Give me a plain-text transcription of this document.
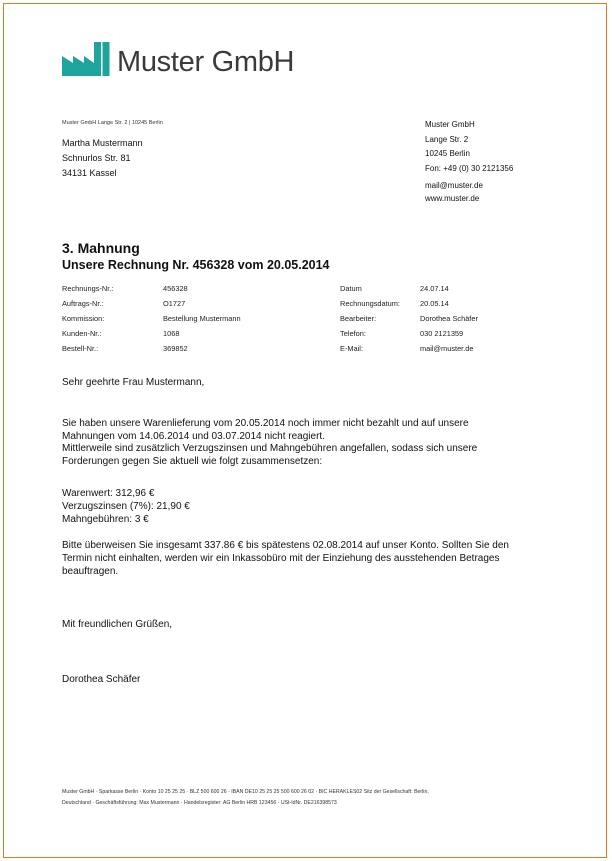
Muster GmbH
Muster GmbH Lange Str. 2 | 10245 Berlin
Martha Mustermann
Schnurlos Str. 81
34131 Kassel
Muster GmbH
Lange Str. 2
10245 Berlin
Fon: +49 (0) 30 2121356
mail@muster.de
www.muster.de
3. Mahnung
Unsere Rechnung Nr. 456328 vom 20.05.2014
Rechnungs-Nr.:	456328	Datum	24.07.14
Auftrags-Nr.:	O1727	Rechnungsdatum:	20.05.14
Kommission:	Bestellung Mustermann	Bearbeiter:	Dorothea Schäfer
Kunden-Nr.:	1068	Telefon:	030 2121359
Bestell-Nr.:	369852	E-Mail:	mail@muster.de
Sehr geehrte Frau Mustermann,
Sie haben unsere Warenlieferung vom 20.05.2014 noch immer nicht bezahlt und auf unsere
Mahnungen vom 14.06.2014 und 03.07.2014 nicht reagiert.
Mittlerweile sind zusätzlich Verzugszinsen und Mahngebühren angefallen, sodass sich unsere
Forderungen gegen Sie aktuell wie folgt zusammensetzen:
Warenwert: 312,96 €
Verzugszinsen (7%): 21,90 €
Mahngebühren: 3 €
Bitte überweisen Sie insgesamt 337.86 € bis spätestens 02.08.2014 auf unser Konto. Sollten Sie den
Termin nicht einhalten, werden wir ein Inkassobüro mit der Einziehung des ausstehenden Betrages
beauftragen.
Mit freundlichen Grüßen,
Dorothea Schäfer
Muster GmbH · Sparkasse Berlin · Konto 10 25 25 25 · BLZ 500 600 26 · IBAN DE10 25 25 25 500 600 26 02 · BIC HERAKLES02 Sitz der Gesellschaft: Berlin,
Deutschland · Geschäftsführung: Max Mustermann · Handelsregister: AG Berlin HRB 123456 · USt-IdNr. DE216398573
